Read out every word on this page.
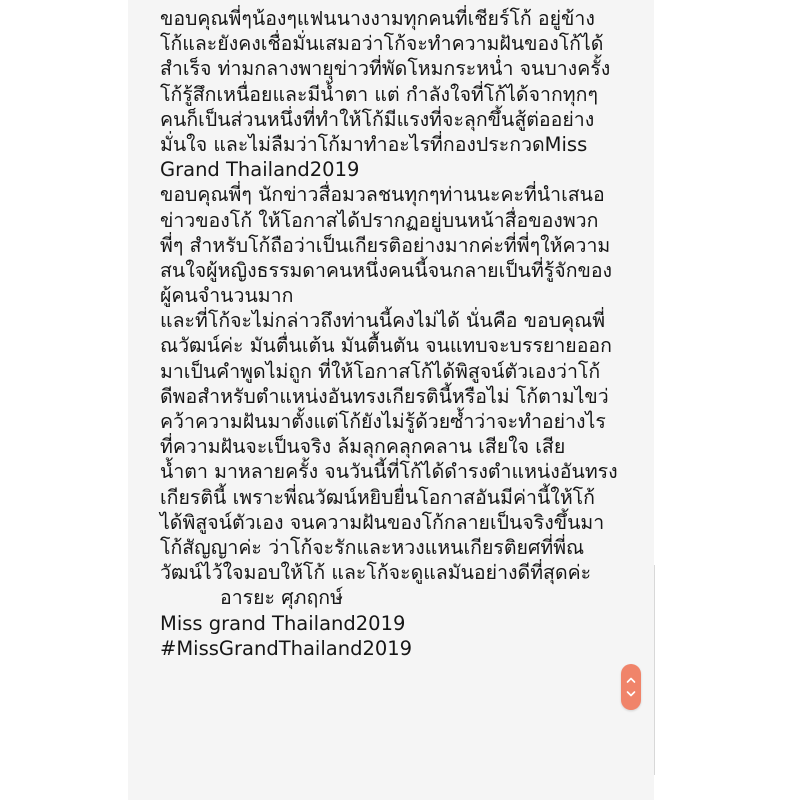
ขอบคุณพี่ๆน้องๆแฟนนางงามทุกคนที่เชียร์โก้ อยู่ข้าง
โก้และยังคงเชื่อมั่นเสมอว่าโก้จะทำความฝันของโก้ได้
สำเร็จ ท่ามกลางพายุข่าวที่พัดโหมกระหน่ำ จนบางครั้ง
โก้รู้สึกเหนื่อยและมีน้ำตา แต่ กำลังใจที่โก้ได้จากทุกๆ
คนก็เป็นส่วนหนึ่งที่ทำให้โก้มีแรงที่จะลุกขึ้นสู้ต่ออย่าง
มั่นใจ และไม่ลืมว่าโก้มาทำอะไรที่กองประกวดMiss
Grand Thailand2019
ขอบคุณพี่ๆ นักข่าวสื่อมวลชนทุกๆท่านนะคะที่นำเสนอ
ข่าวของโก้ ให้โอกาสได้ปรากฏอยู่บนหน้าสื่อของพวก
พี่ๆ สำหรับโก้ถือว่าเป็นเกียรติอย่างมากค่ะที่พี่ๆให้ความ
สนใจผู้หญิงธรรมดาคนหนึ่งคนนี้จนกลายเป็นที่รู้จักของ
ผู้คนจำนวนมาก
และที่โก้จะไม่กล่าวถึงท่านนี้คงไม่ได้ นั่นคือ ขอบคุณพี่
ณวัฒน์ค่ะ มันตื่นเต้น มันตื้นตัน จนแทบจะบรรยายออก
มาเป็นคำพูดไม่ถูก ที่ให้โอกาสโก้ได้พิสูจน์ตัวเองว่าโก้
ดีพอสำหรับตำแหน่งอันทรงเกียรตินี้หรือไม่ โก้ตามไขว่
คว้าความฝันมาตั้งแต่โก้ยังไม่รู้ด้วยซ้ำว่าจะทำอย่างไร
ที่ความฝันจะเป็นจริง ล้มลุกคลุกคลาน เสียใจ เสีย
น้ำตา มาหลายครั้ง จนวันนี้ที่โก้ได้ดำรงตำแหน่งอันทรง
เกียรตินี้ เพราะพี่ณวัฒน์หยิบยื่นโอกาสอันมีค่านี้ให้โก้
ได้พิสูจน์ตัวเอง จนความฝันของโก้กลายเป็นจริงขึ้นมา
โก้สัญญาค่ะ ว่าโก้จะรักและหวงแหนเกียรติยศที่พี่ณ
วัฒน์ไว้ใจมอบให้โก้ และโก้จะดูแลมันอย่างดีที่สุดค่ะ
อารยะ ศุภฤกษ์
Miss grand Thailand2019
#MissGrandThailand2019
